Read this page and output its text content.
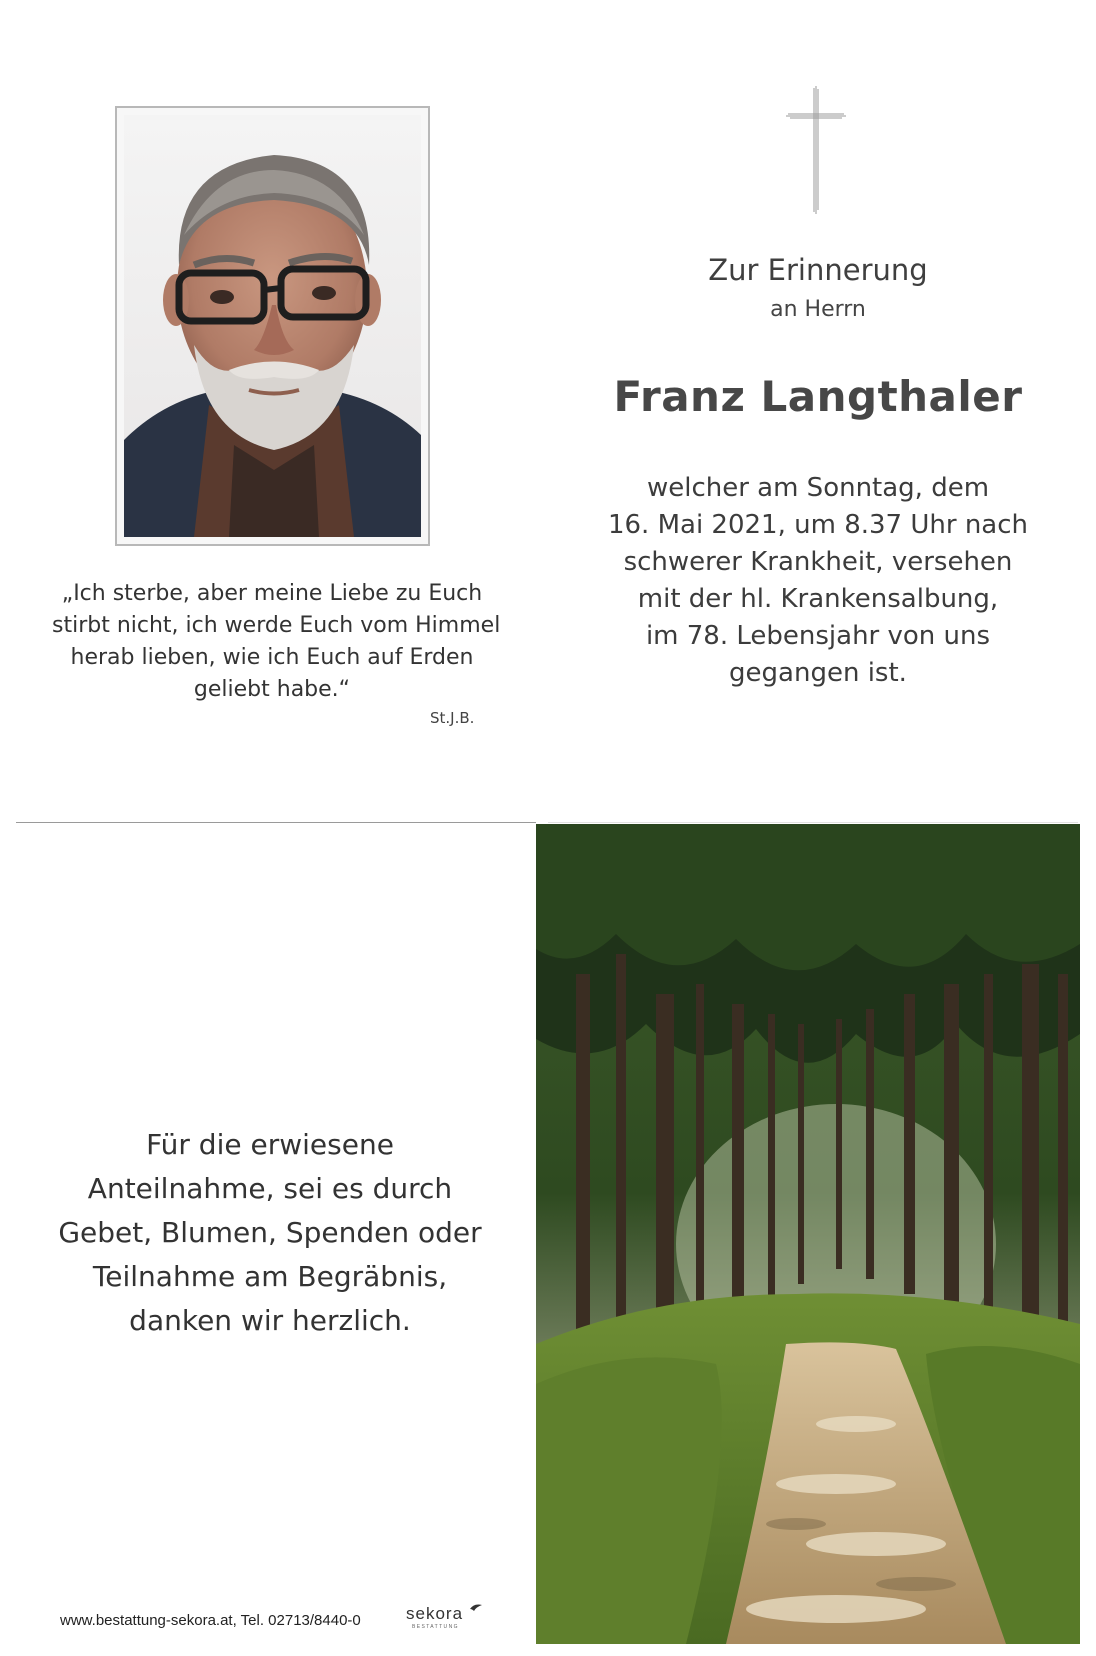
„Ich sterbe, aber meine Liebe zu Euch
stirbt nicht, ich werde Euch vom Himmel
herab lieben, wie ich Euch auf Erden
geliebt habe.“
St.J.B.
Zur Erinnerung
an Herrn
Franz Langthaler
welcher am Sonntag, dem
16. Mai 2021, um 8.37 Uhr nach
schwerer Krankheit, versehen
mit der hl. Krankensalbung,
im 78. Lebensjahr von uns
gegangen ist.
Für die erwiesene
Anteilnahme, sei es durch
Gebet, Blumen, Spenden oder
Teilnahme am Begräbnis,
danken wir herzlich.
www.bestattung-sekora.at, Tel. 02713/8440-0	sekora
BESTATTUNG
